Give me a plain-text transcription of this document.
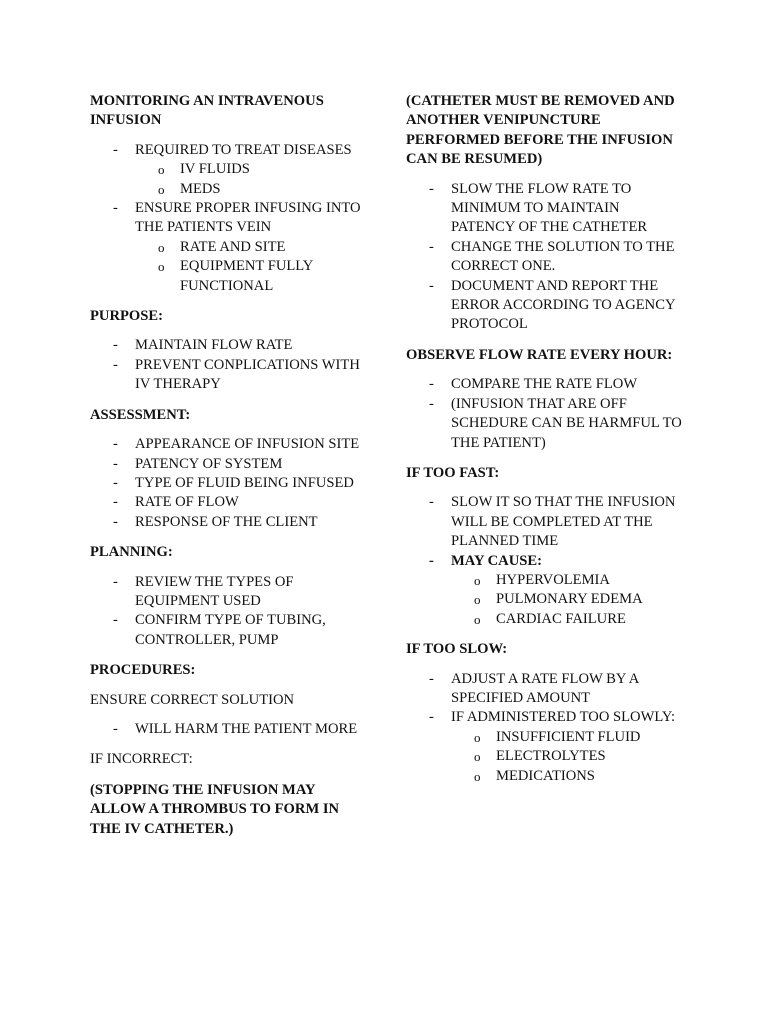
MONITORING AN INTRAVENOUS INFUSION

- REQUIRED TO TREAT DISEASES
o IV FLUIDS
o MEDS
- ENSURE PROPER INFUSING INTO THE PATIENTS VEIN
o RATE AND SITE
o EQUIPMENT FULLY FUNCTIONAL

PURPOSE:

- MAINTAIN FLOW RATE
- PREVENT CONPLICATIONS WITH IV THERAPY

ASSESSMENT:

- APPEARANCE OF INFUSION SITE
- PATENCY OF SYSTEM
- TYPE OF FLUID BEING INFUSED
- RATE OF FLOW
- RESPONSE OF THE CLIENT

PLANNING:

- REVIEW THE TYPES OF EQUIPMENT USED
- CONFIRM TYPE OF TUBING, CONTROLLER, PUMP

PROCEDURES:

ENSURE CORRECT SOLUTION

- WILL HARM THE PATIENT MORE

IF INCORRECT:

(STOPPING THE INFUSION MAY ALLOW A THROMBUS TO FORM IN THE IV CATHETER.)

(CATHETER MUST BE REMOVED AND ANOTHER VENIPUNCTURE PERFORMED BEFORE THE INFUSION CAN BE RESUMED)

- SLOW THE FLOW RATE TO MINIMUM TO MAINTAIN PATENCY OF THE CATHETER
- CHANGE THE SOLUTION TO THE CORRECT ONE.
- DOCUMENT AND REPORT THE ERROR ACCORDING TO AGENCY PROTOCOL

OBSERVE FLOW RATE EVERY HOUR:

- COMPARE THE RATE FLOW
- (INFUSION THAT ARE OFF SCHEDURE CAN BE HARMFUL TO THE PATIENT)

IF TOO FAST:

- SLOW IT SO THAT THE INFUSION WILL BE COMPLETED AT THE PLANNED TIME
- MAY CAUSE:
o HYPERVOLEMIA
o PULMONARY EDEMA
o CARDIAC FAILURE

IF TOO SLOW:

- ADJUST A RATE FLOW BY A SPECIFIED AMOUNT
- IF ADMINISTERED TOO SLOWLY:
o INSUFFICIENT FLUID
o ELECTROLYTES
o MEDICATIONS
